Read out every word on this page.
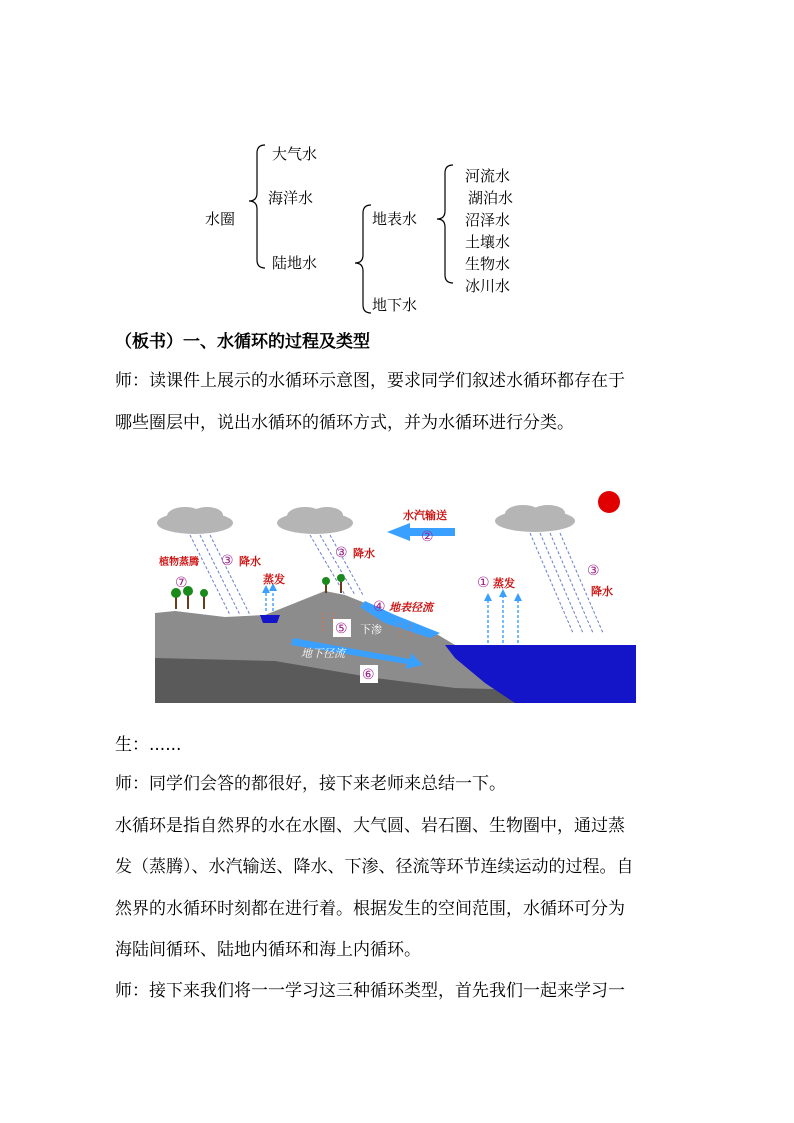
水圈
大气水
海洋水
陆地水
地表水
地下水
河流水
湖泊水
沼泽水
土壤水
生物水
冰川水
（板书）一、水循环的过程及类型
师：读课件上展示的水循环示意图，要求同学们叙述水循环都存在于
哪些圈层中，说出水循环的循环方式，并为水循环进行分类。
水汽输送
②
③ 降水
③ 降水
③
降水
植物蒸腾
⑦	蒸发	① 蒸发
④ 地表径流
⑤ 下渗
地下径流
⑥
生：......
师：同学们会答的都很好，接下来老师来总结一下。
水循环是指自然界的水在水圈、大气圆、岩石圈、生物圈中，通过蒸
发（蒸腾）、水汽输送、降水、下渗、径流等环节连续运动的过程。自
然界的水循环时刻都在进行着。根据发生的空间范围，水循环可分为
海陆间循环、陆地内循环和海上内循环。
师：接下来我们将一一学习这三种循环类型，首先我们一起来学习一
